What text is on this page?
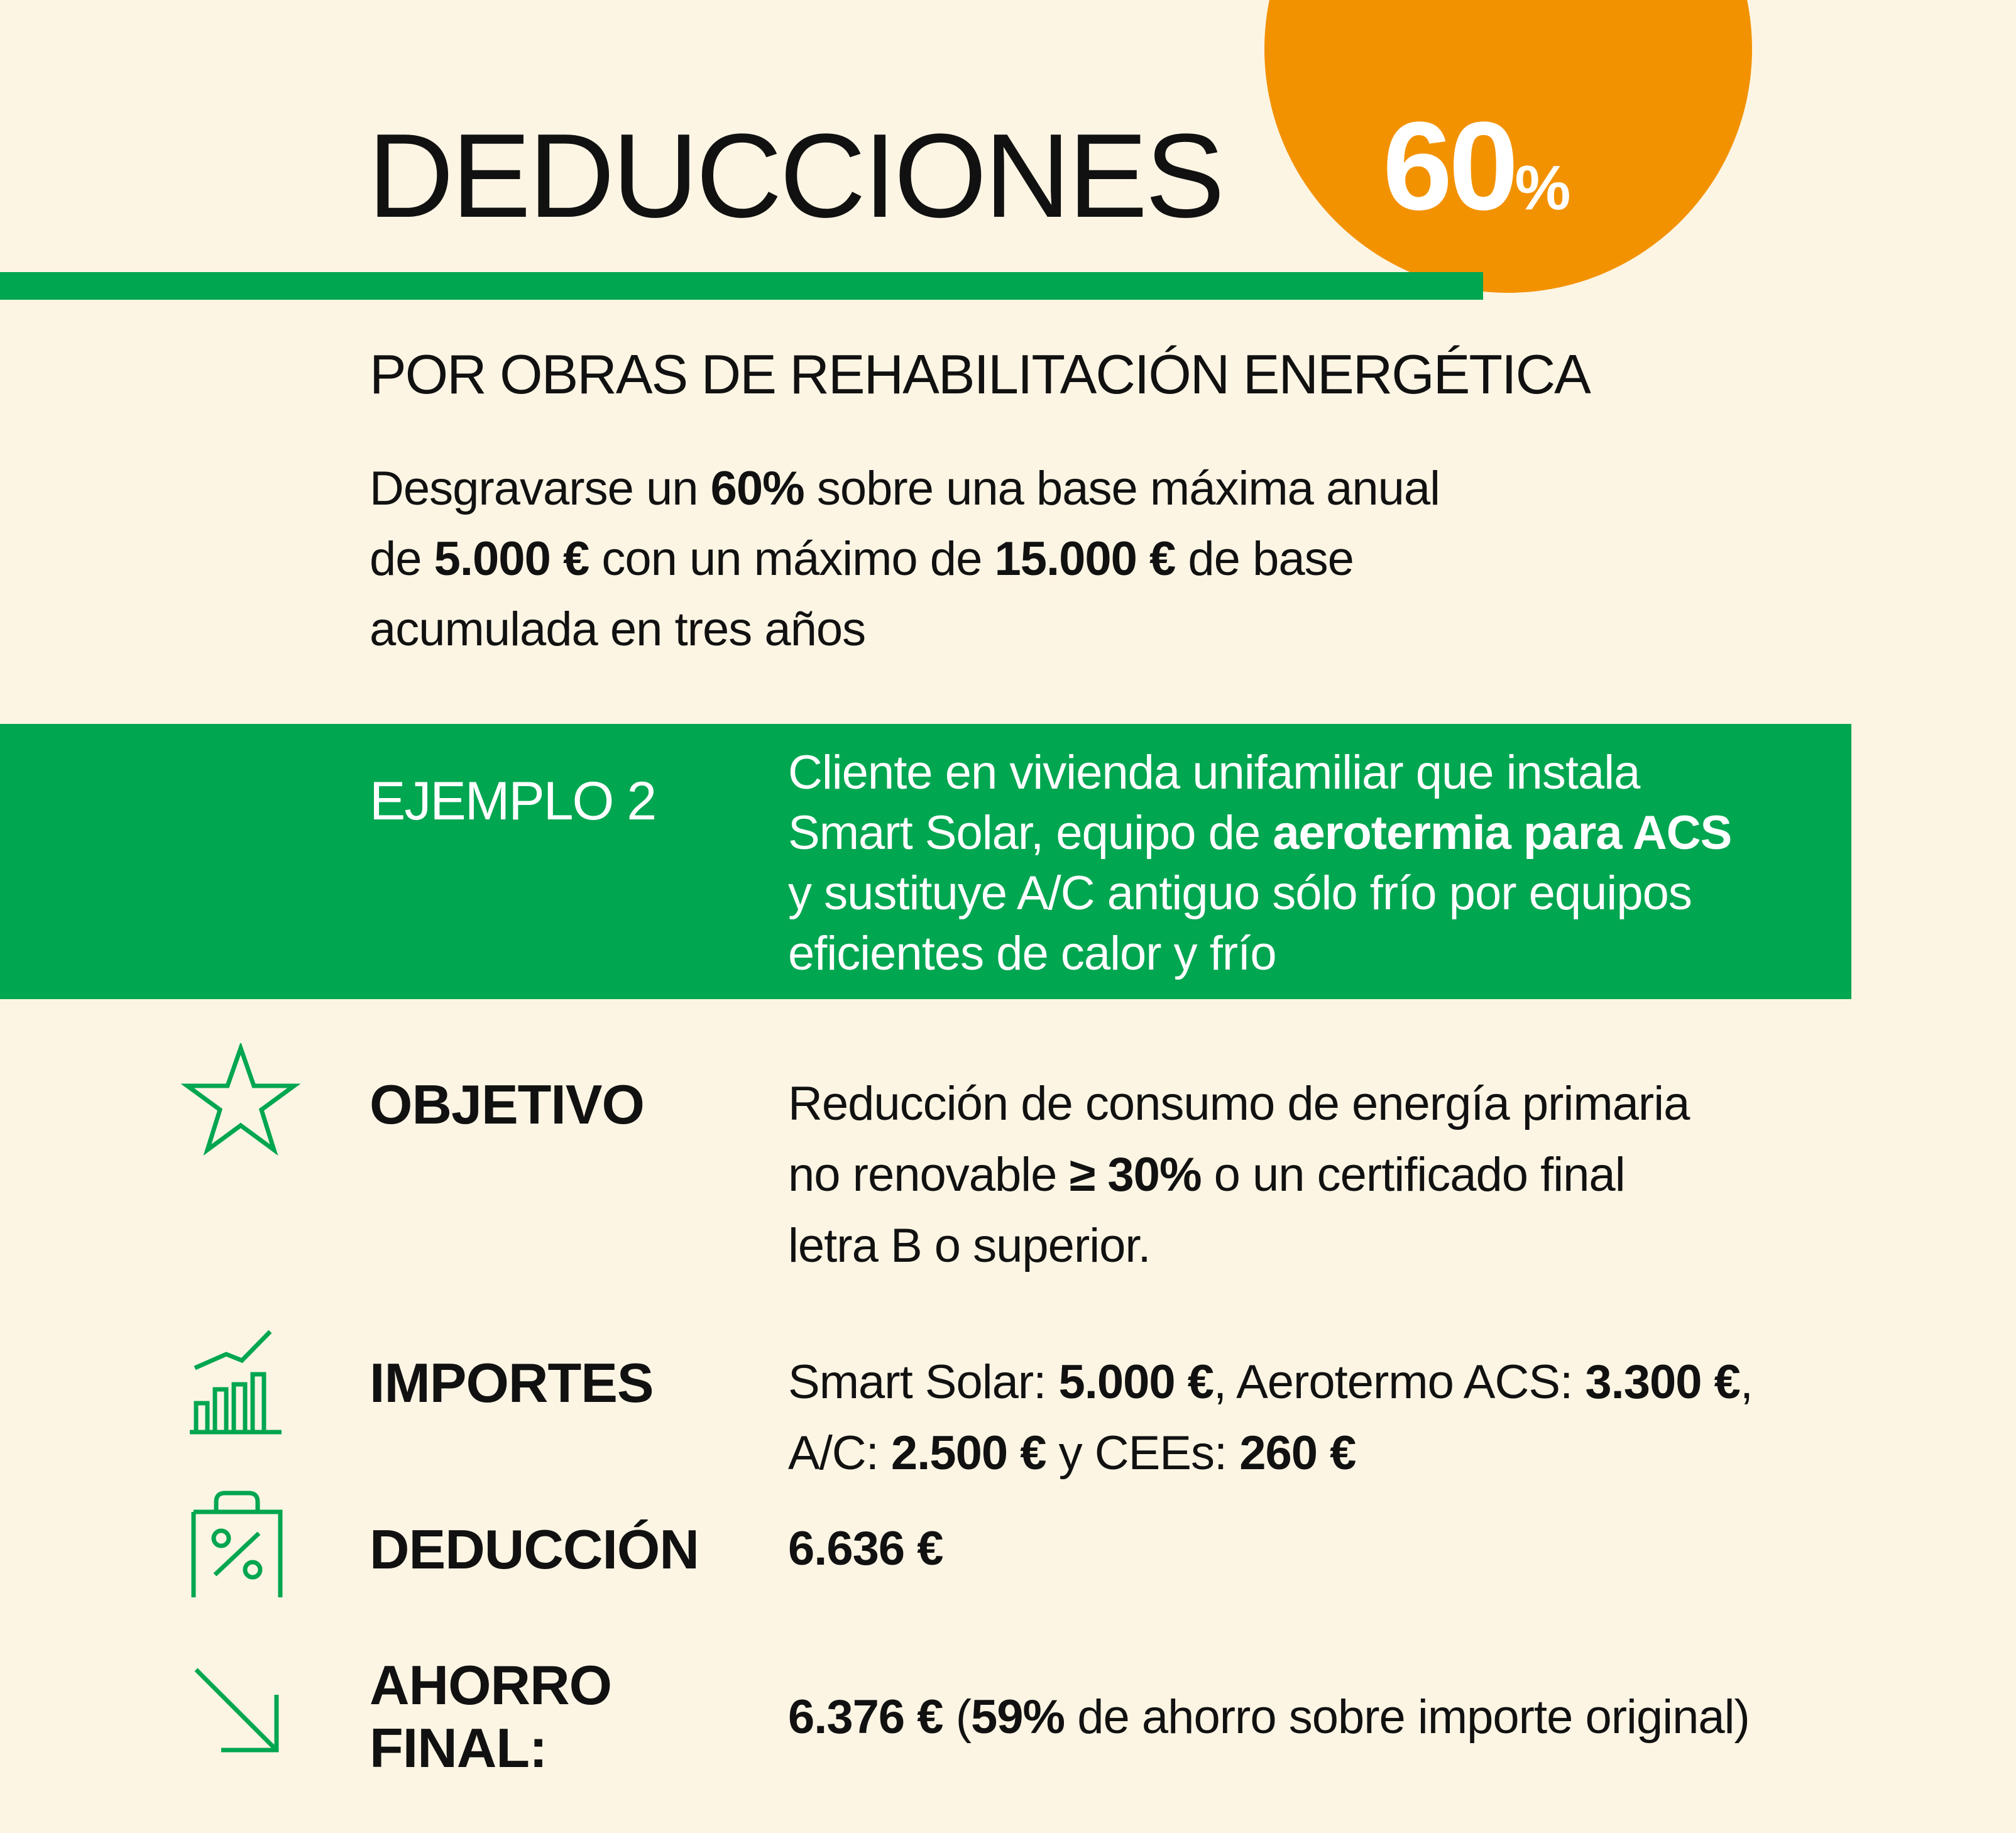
60%
DEDUCCIONES
POR OBRAS DE REHABILITACIÓN ENERGÉTICA
Desgravarse un 60% sobre una base máxima anual
de 5.000 € con un máximo de 15.000 € de base
acumulada en tres años
EJEMPLO 2	Cliente en vivienda unifamiliar que instala
Smart Solar, equipo de aerotermia para ACS
y sustituye A/C antiguo sólo frío por equipos
eficientes de calor y frío
OBJETIVO	Reducción de consumo de energía primaria
no renovable ≥ 30% o un certificado final
letra B o superior.
IMPORTES	Smart Solar: 5.000 €, Aerotermo ACS: 3.300 €,
A/C: 2.500 € y CEEs: 260 €
DEDUCCIÓN 6.636 €
AHORRO
FINAL:	6.376 € (59% de ahorro sobre importe original)
